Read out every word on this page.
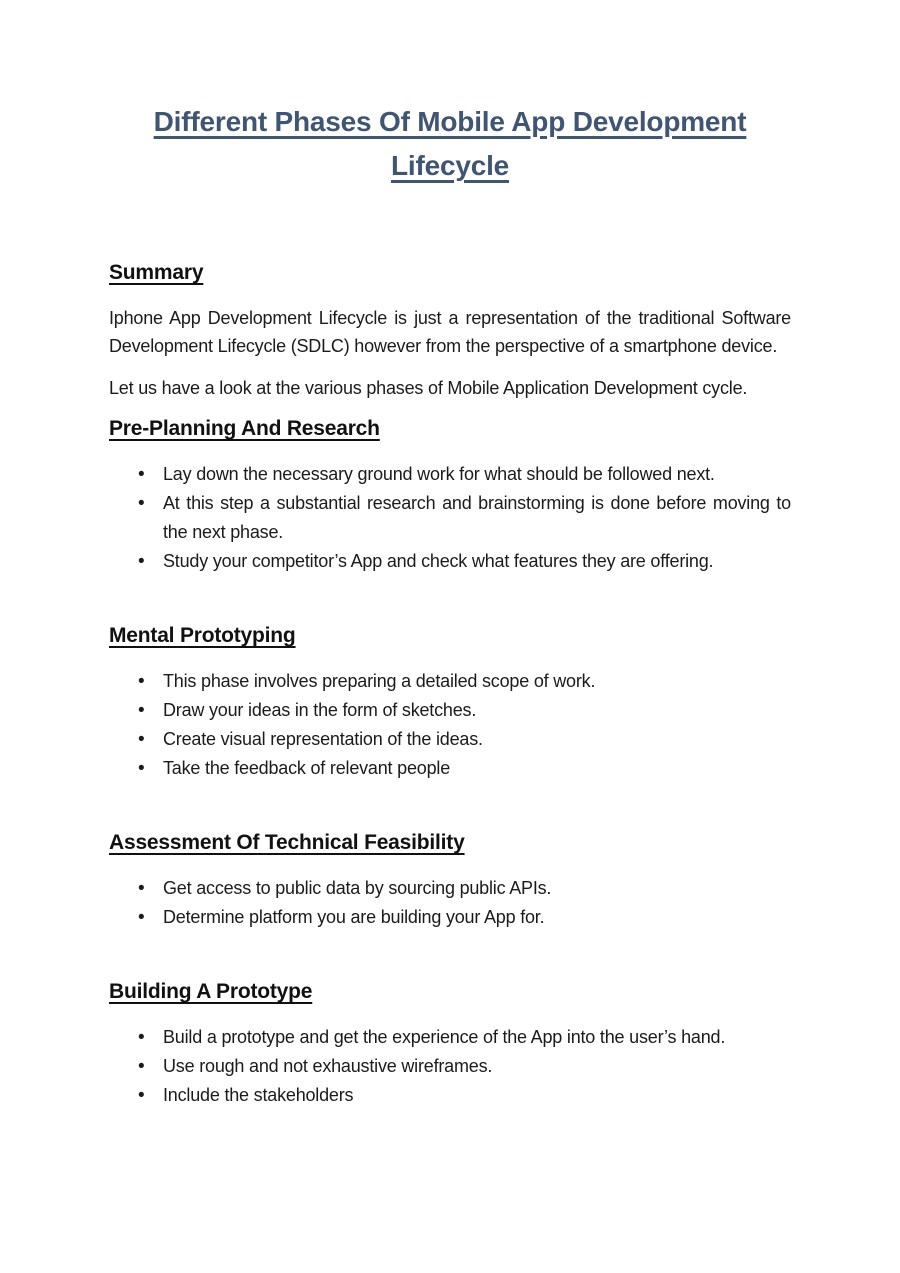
Different Phases Of Mobile App Development Lifecycle
Summary

Iphone App Development Lifecycle is just a representation of the traditional Software Development Lifecycle (SDLC) however from the perspective of a smartphone device.

Let us have a look at the various phases of Mobile Application Development cycle.

Pre-Planning And Research
• Lay down the necessary ground work for what should be followed next.
• At this step a substantial research and brainstorming is done before moving to the next phase.
• Study your competitor’s App and check what features they are offering.
Mental Prototyping
• This phase involves preparing a detailed scope of work.
• Draw your ideas in the form of sketches.
• Create visual representation of the ideas.
• Take the feedback of relevant people
Assessment Of Technical Feasibility
• Get access to public data by sourcing public APIs.
• Determine platform you are building your App for.
Building A Prototype
• Build a prototype and get the experience of the App into the user’s hand.
• Use rough and not exhaustive wireframes.
• Include the stakeholders
